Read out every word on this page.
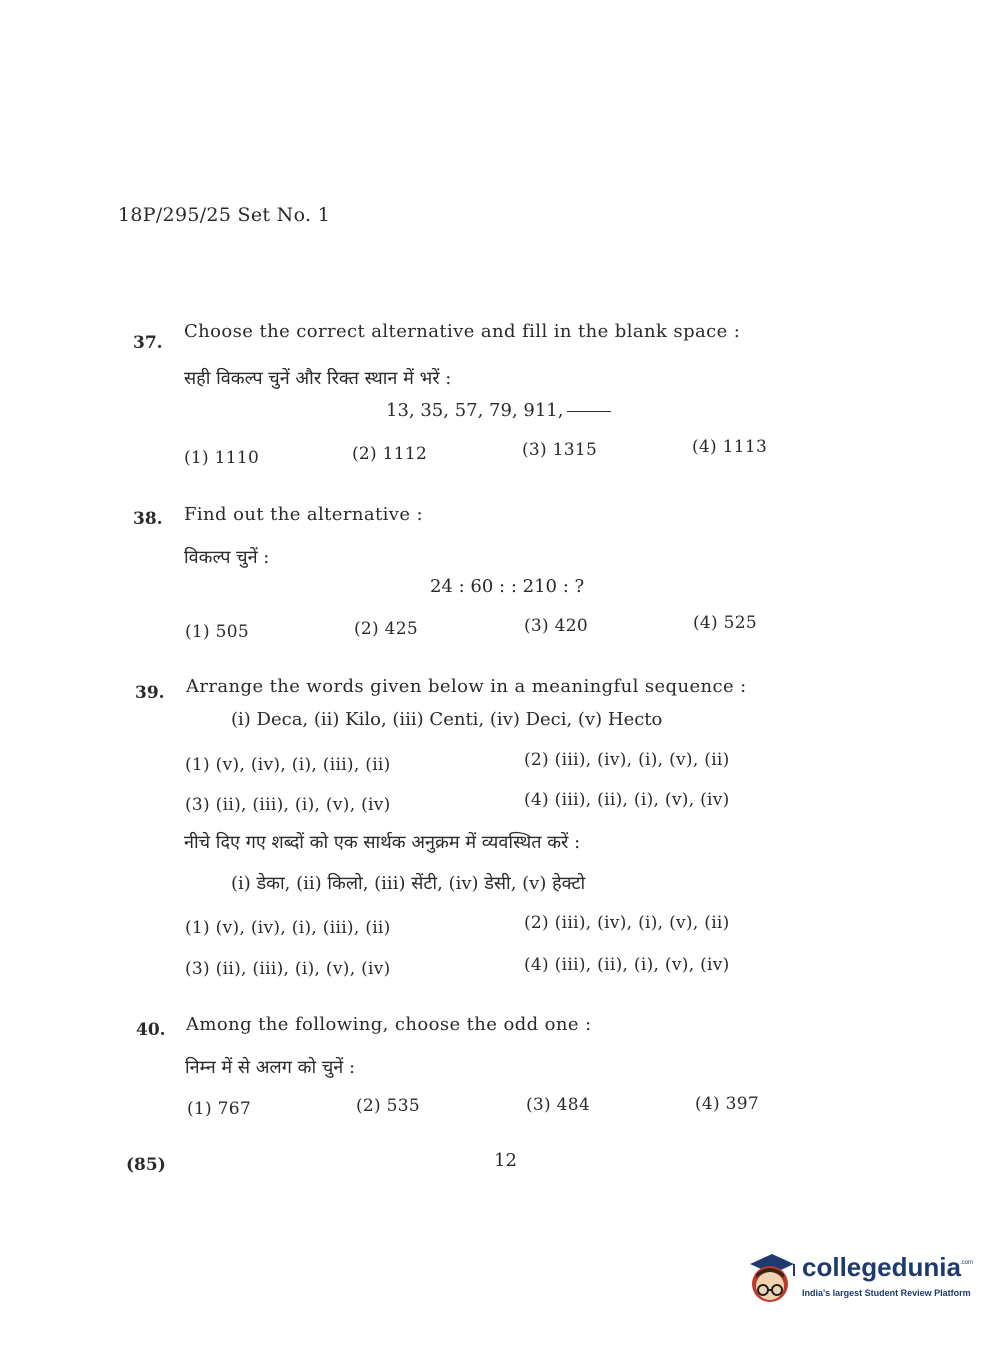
18P/295/25 Set No. 1
37.
Choose the correct alternative and fill in the blank space :
सही विकल्प चुनें और रिक्त स्थान में भरें :
13, 35, 57, 79, 911,
(1) 1110	(2) 1112	(3) 1315	(4) 1113
38. Find out the alternative :
विकल्प चुनें :
24 : 60 : : 210 : ?
(1) 505	(2) 425	(3) 420	(4) 525
39. Arrange the words given below in a meaningful sequence :
(i) Deca, (ii) Kilo, (iii) Centi, (iv) Deci, (v) Hecto
(1) (v), (iv), (i), (iii), (ii)	(2) (iii), (iv), (i), (v), (ii)
(3) (ii), (iii), (i), (v), (iv)	(4) (iii), (ii), (i), (v), (iv)
नीचे दिए गए शब्दों को एक सार्थक अनुक्रम में व्यवस्थित करें :
(i) डेका, (ii) किलो, (iii) सेंटी, (iv) डेसी, (v) हेक्टो
(1) (v), (iv), (i), (iii), (ii)	(2) (iii), (iv), (i), (v), (ii)
(3) (ii), (iii), (i), (v), (iv)	(4) (iii), (ii), (i), (v), (iv)
40. Among the following, choose the odd one :
निम्न में से अलग को चुनें :
(1) 767	(2) 535	(3) 484	(4) 397
(85)	12
collegedunia .com
India's largest Student Review Platform
